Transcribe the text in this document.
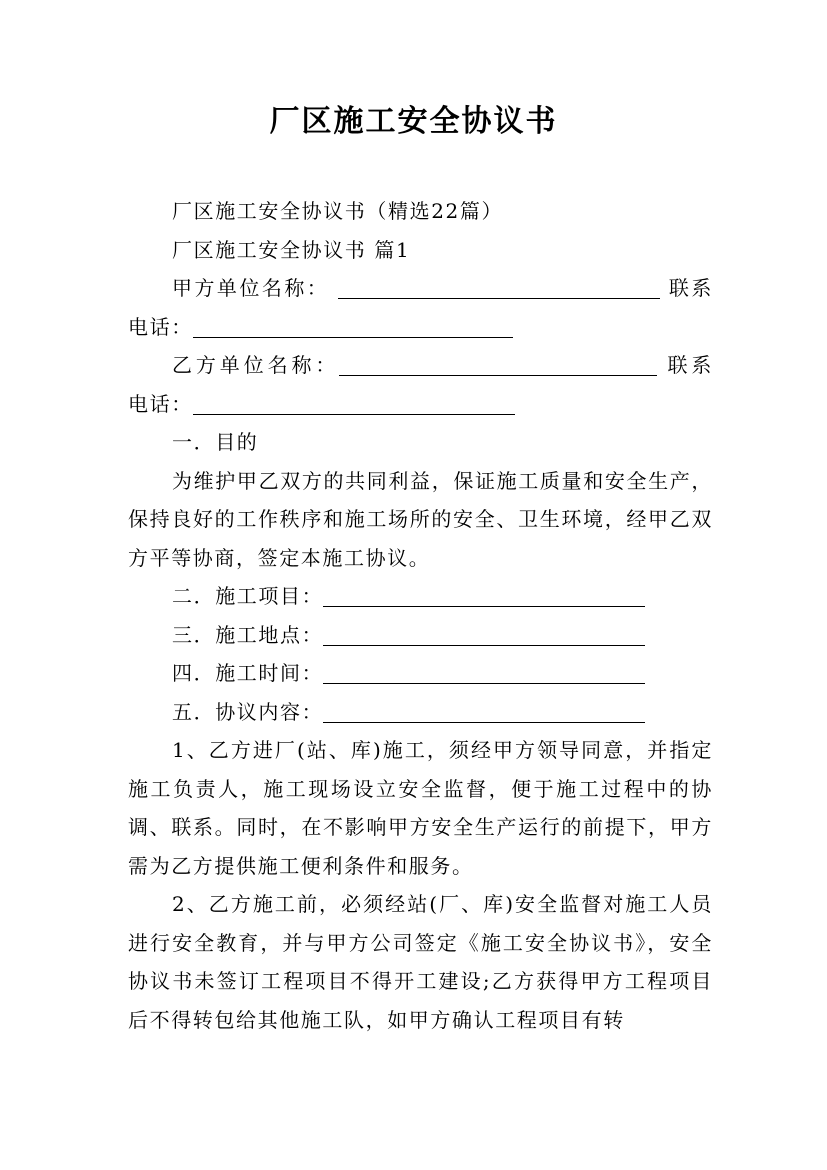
厂区施工安全协议书

厂区施工安全协议书（精选22篇）

厂区施工安全协议书 篇1

甲方单位名称：	联系电话：

乙方单位名称：	联系电话：

一．目的

为维护甲乙双方的共同利益，保证施工质量和安全生产，保持良好的工作秩序和施工场所的安全、卫生环境，经甲乙双方平等协商，签定本施工协议。

二．施工项目：

三．施工地点：

四．施工时间：

五．协议内容：

1、乙方进厂(站、库)施工，须经甲方领导同意，并指定施工负责人，施工现场设立安全监督，便于施工过程中的协调、联系。同时，在不影响甲方安全生产运行的前提下，甲方需为乙方提供施工便利条件和服务。

2、乙方施工前，必须经站(厂、库)安全监督对施工人员进行安全教育，并与甲方公司签定《施工安全协议书》，安全协议书未签订工程项目不得开工建设;乙方获得甲方工程项目后不得转包给其他施工队，如甲方确认工程项目有转
